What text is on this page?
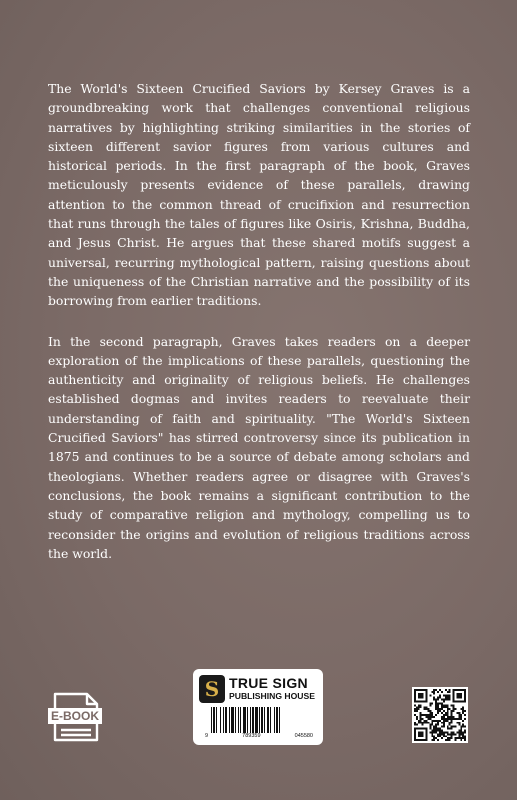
The World's Sixteen Crucified Saviors by Kersey Graves is a groundbreaking work that challenges conventional religious narratives by highlighting striking similarities in the stories of sixteen different savior figures from various cultures and historical periods. In the first paragraph of the book, Graves meticulously presents evidence of these parallels, drawing attention to the common thread of crucifixion and resurrection that runs through the tales of figures like Osiris, Krishna, Buddha, and Jesus Christ. He argues that these shared motifs suggest a universal, recurring mythological pattern, raising questions about the uniqueness of the Christian narrative and the possibility of its borrowing from earlier traditions.

In the second paragraph, Graves takes readers on a deeper exploration of the implications of these parallels, questioning the authenticity and originality of religious beliefs. He challenges established dogmas and invites readers to reevaluate their understanding of faith and spirituality. "The World's Sixteen Crucified Saviors" has stirred controversy since its publication in 1875 and continues to be a source of debate among scholars and theologians. Whether readers agree or disagree with Graves's conclusions, the book remains a significant contribution to the study of comparative religion and mythology, compelling us to reconsider the origins and evolution of religious traditions across the world.

E-BOOK
S TRUE SIGN
PUBLISHING HOUSE
9	789359	045580
